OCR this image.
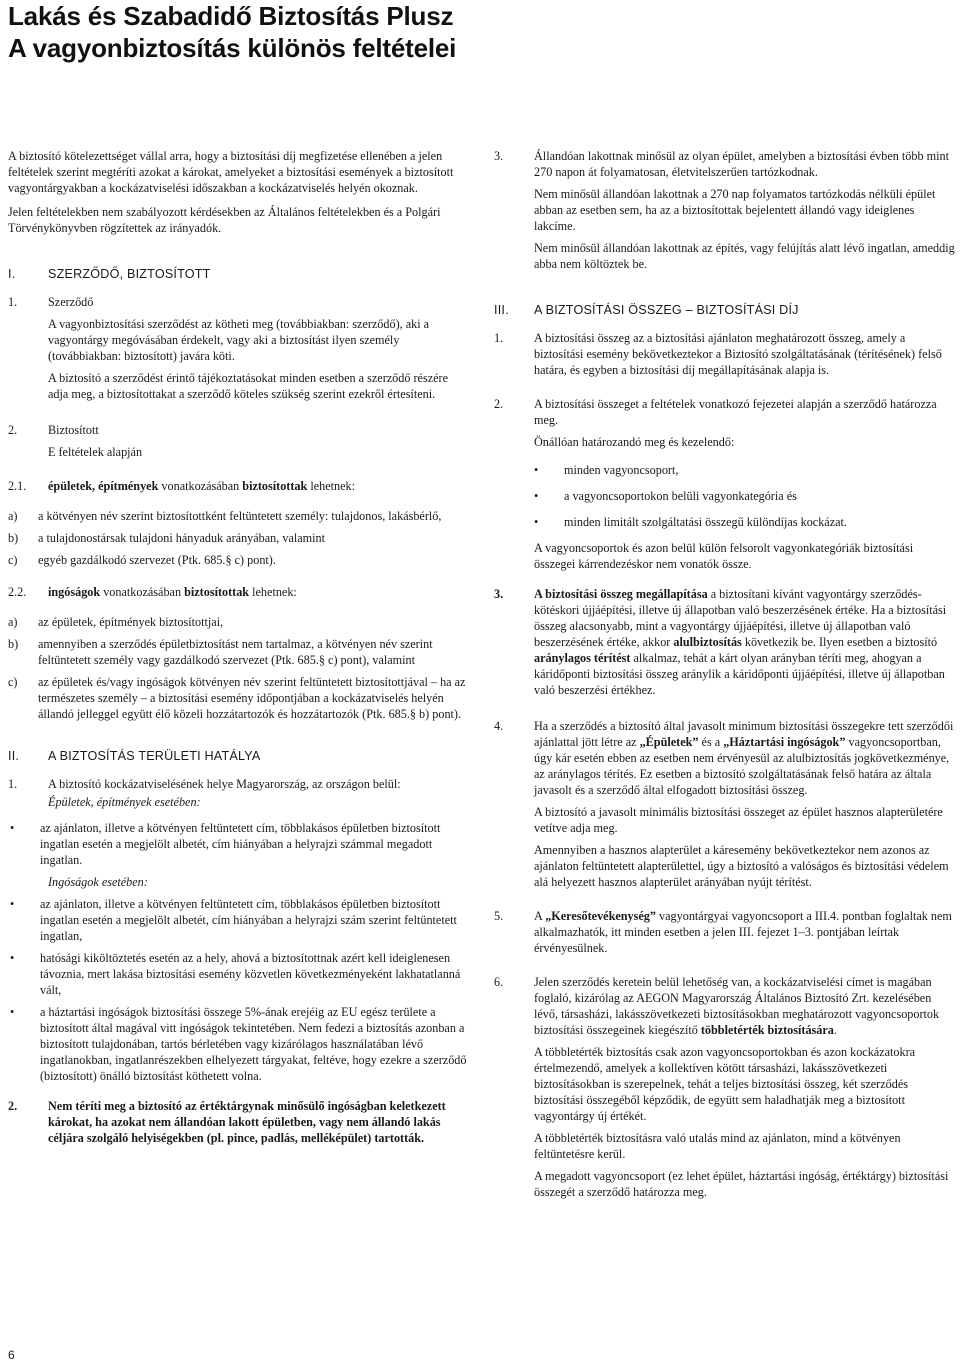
Lakás és Szabadidő Biztosítás Plusz
A vagyonbiztosítás különös feltételei

A biztosító kötelezettséget vállal arra, hogy a biztosítási díj megfizetése ellenében a jelen feltételek szerint megtéríti azokat a károkat, amelyeket a biztosítási események a biztosított vagyontárgyakban a kockázatviselési időszakban a kockázatviselés helyén okoznak.

Jelen feltételekben nem szabályozott kérdésekben az Általános feltételekben és a Polgári Törvénykönyvben rögzítettek az irányadók.

I.	SZERZŐDŐ, BIZTOSÍTOTT
1.	Szerződő

A vagyonbiztosítási szerződést az kötheti meg (továbbiakban: szerződő), aki a vagyontárgy megóvásában érdekelt, vagy aki a biztosítást ilyen személy (továbbiakban: biztosított) javára köti.

A biztosító a szerződést érintő tájékoztatásokat minden esetben a szerződő részére adja meg, a biztosítottakat a szerződő köteles szükség szerint ezekről értesíteni.

2.	Biztosított

E feltételek alapján

2.1.	épületek, építmények vonatkozásában biztosítottak lehetnek:

a)	a kötvényen név szerint biztosítottként feltüntetett személy: tulajdonos, lakásbérlő,
b)	a tulajdonostársak tulajdoni hányaduk arányában, valamint
c)	egyéb gazdálkodó szervezet (Ptk. 685.§ c) pont).
2.2.	ingóságok vonatkozásában biztosítottak lehetnek:

a)	az épületek, építmények biztosítottjai,
b)	amennyiben a szerződés épületbiztosítást nem tartalmaz, a kötvényen név szerint feltüntetett személy vagy gazdálkodó szervezet (Ptk. 685.§ c) pont), valamint
c)	az épületek és/vagy ingóságok kötvényen név szerint feltüntetett biztosítottjával – ha az természetes személy – a biztosítási esemény időpontjában a kockázatviselés helyén állandó jelleggel együtt élő közeli hozzátartozók és hozzátartozók (Ptk. 685.§ b) pont).
II.	A BIZTOSÍTÁS TERÜLETI HATÁLYA
1.	A biztosító kockázatviselésének helye Magyarország, az országon belül:

Épületek, építmények esetében:

•	az ajánlaton, illetve a kötvényen feltüntetett cím, többlakásos épületben biztosított ingatlan esetén a megjelölt albetét, cím hiányában a helyrajzi számmal megadott ingatlan.

Ingóságok esetében:

•	az ajánlaton, illetve a kötvényen feltüntetett cím, többlakásos épületben biztosított ingatlan esetén a megjelölt albetét, cím hiányában a helyrajzi szám szerint feltüntetett ingatlan,
•	hatósági kiköltöztetés esetén az a hely, ahová a biztosítottnak azért kell ideiglenesen távoznia, mert lakása biztosítási esemény közvetlen következményeként lakhatatlanná vált,
•	a háztartási ingóságok biztosítási összege 5%-ának erejéig az EU egész területe a biztosított által magával vitt ingóságok tekintetében. Nem fedezi a biztosítás azonban a biztosított tulajdonában, tartós bérletében vagy kizárólagos használatában lévő ingatlanokban, ingatlanrészekben elhelyezett tárgyakat, feltéve, hogy ezekre a szerződő (biztosított) önálló biztosítást köthetett volna.
2.	Nem téríti meg a biztosító az értéktárgynak minősülő ingóságban keletkezett károkat, ha azokat nem állandóan lakott épületben, vagy nem állandó lakás céljára szolgáló helyiségekben (pl. pince, padlás, melléképület) tartották.

3.	Állandóan lakottnak minősül az olyan épület, amelyben a biztosítási évben több mint 270 napon át folyamatosan, életvitelszerűen tartózkodnak.

Nem minősül állandóan lakottnak a 270 nap folyamatos tartózkodás nélküli épület abban az esetben sem, ha az a biztosítottak bejelentett állandó vagy ideiglenes lakcíme.

Nem minősül állandóan lakottnak az építés, vagy felújítás alatt lévő ingatlan, ameddig abba nem költöztek be.

III.	A BIZTOSÍTÁSI ÖSSZEG – BIZTOSÍTÁSI DÍJ
1.	A biztosítási összeg az a biztosítási ajánlaton meghatározott összeg, amely a biztosítási esemény bekövetkeztekor a Biztosító szolgáltatásának (térítésének) felső határa, és egyben a biztosítási díj megállapításának alapja is.

2.	A biztosítási összeget a feltételek vonatkozó fejezetei alapján a szerződő határozza meg.

Önállóan határozandó meg és kezelendő:

•	minden vagyoncsoport,
•	a vagyoncsoportokon belüli vagyonkategória és
•	minden limitált szolgáltatási összegű különdíjas kockázat.

A vagyoncsoportok és azon belül külön felsorolt vagyonkategóriák biztosítási összegei kárrendezéskor nem vonatók össze.

3.	A biztosítási összeg megállapítása a biztosítani kívánt vagyontárgy szerződés-kötéskori újjáépítési, illetve új állapotban való beszerzésének értéke. Ha a biztosítási összeg alacsonyabb, mint a vagyontárgy újjáépítési, illetve új állapotban való beszerzésének értéke, akkor alulbiztosítás következik be. Ilyen esetben a biztosító aránylagos térítést alkalmaz, tehát a kárt olyan arányban téríti meg, ahogyan a káridőponti biztosítási összeg aránylik a káridőponti újjáépítési, illetve új állapotban való beszerzési értékhez.

4.	Ha a szerződés a biztosító által javasolt minimum biztosítási összegekre tett szerződői ajánlattal jött létre az „Épületek” és a „Háztartási ingóságok” vagyoncsoportban, úgy kár esetén ebben az esetben nem érvényesül az alulbiztosítás jogkövetkezménye, az aránylagos térítés. Ez esetben a biztosító szolgáltatásának felső határa az általa javasolt és a szerződő által elfogadott biztosítási összeg.

A biztosító a javasolt minimális biztosítási összeget az épület hasznos alapterületére vetítve adja meg.

Amennyiben a hasznos alapterület a káresemény bekövetkeztekor nem azonos az ajánlaton feltüntetett alapterülettel, úgy a biztosító a valóságos és biztosítási védelem alá helyezett hasznos alapterület arányában nyújt térítést.

5.	A „Keresőtevékenység” vagyontárgyai vagyoncsoport a III.4. pontban foglaltak nem alkalmazhatók, itt minden esetben a jelen III. fejezet 1–3. pontjában leírtak érvényesülnek.

6.	Jelen szerződés keretein belül lehetőség van, a kockázatviselési címet is magában foglaló, kizárólag az AEGON Magyarország Általános Biztosító Zrt. kezelésében lévő, társasházi, lakásszövetkezeti biztosításokban meghatározott vagyoncsoportok biztosítási összegeinek kiegészítő többletérték biztosítására.

A többletérték biztosítás csak azon vagyoncsoportokban és azon kockázatokra értelmezendő, amelyek a kollektíven kötött társasházi, lakásszövetkezeti biztosításokban is szerepelnek, tehát a teljes biztosítási összeg, két szerződés biztosítási összegéből képződik, de együtt sem haladhatják meg a biztosított vagyontárgy új értékét.

A többletérték biztosításra való utalás mind az ajánlaton, mind a kötvényen feltüntetésre kerül.

A megadott vagyoncsoport (ez lehet épület, háztartási ingóság, értéktárgy) biztosítási összegét a szerződő határozza meg.

6
